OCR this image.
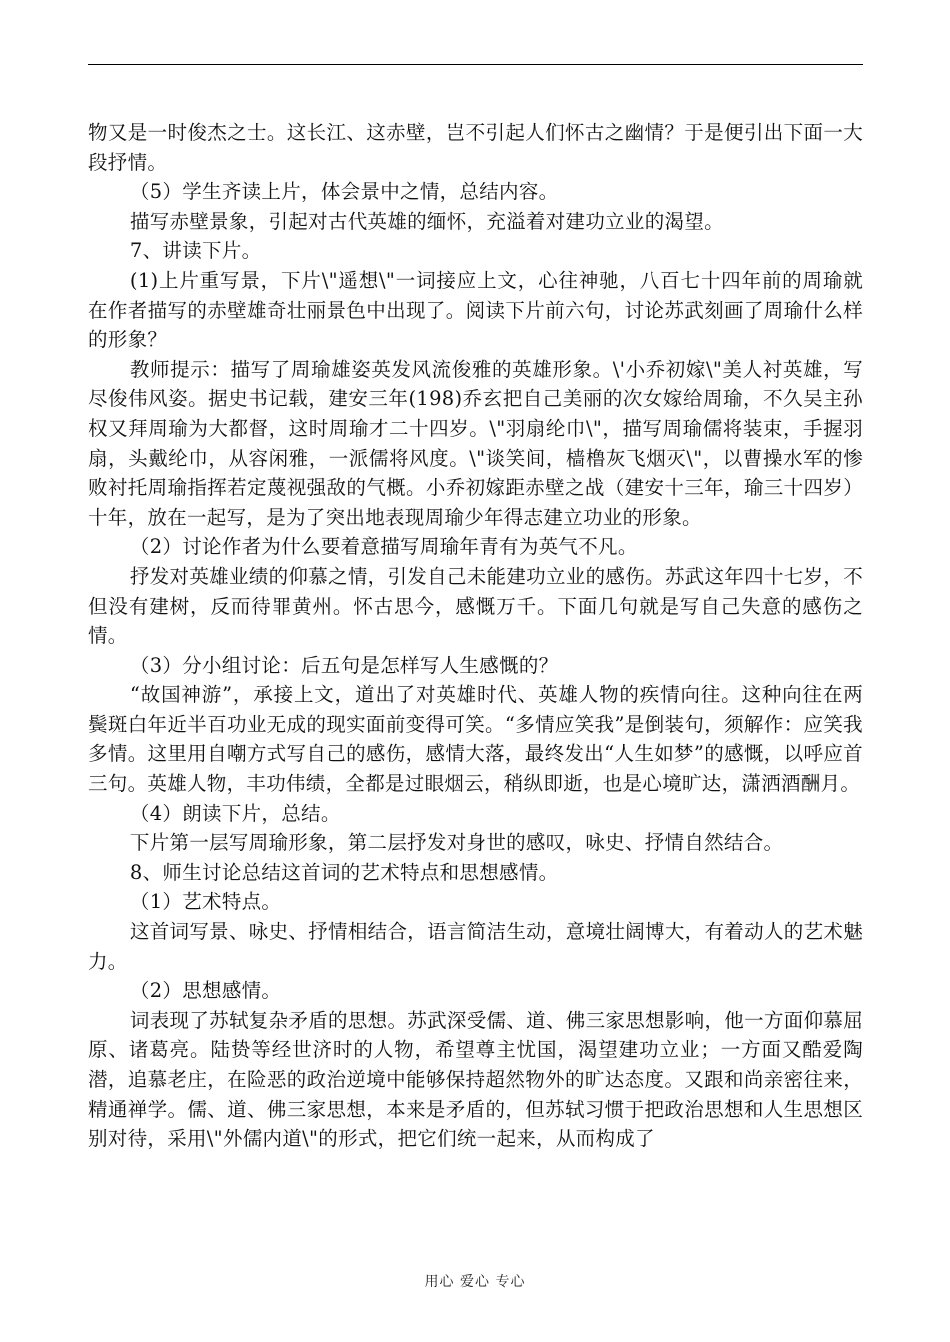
物又是一时俊杰之士。这长江、这赤壁，岂不引起人们怀古之幽情？于是便引出下面一大段抒情。

（5）学生齐读上片，体会景中之情，总结内容。

描写赤壁景象，引起对古代英雄的缅怀，充溢着对建功立业的渴望。

7、讲读下片。

(1)上片重写景，下片\"遥想\"一词接应上文，心往神驰，八百七十四年前的周瑜就在作者描写的赤壁雄奇壮丽景色中出现了。阅读下片前六句，讨论苏武刻画了周瑜什么样的形象？

教师提示：描写了周瑜雄姿英发风流俊雅的英雄形象。\'小乔初嫁\"美人衬英雄，写尽俊伟风姿。据史书记载，建安三年(198)乔玄把自己美丽的次女嫁给周瑜，不久吴主孙权又拜周瑜为大都督，这时周瑜才二十四岁。\"羽扇纶巾\"，描写周瑜儒将装束，手握羽扇，头戴纶巾，从容闲雅，一派儒将风度。\"谈笑间，樯橹灰飞烟灭\"，以曹操水军的惨败衬托周瑜指挥若定蔑视强敌的气概。小乔初嫁距赤壁之战（建安十三年，瑜三十四岁）十年，放在一起写，是为了突出地表现周瑜少年得志建立功业的形象。

（2）讨论作者为什么要着意描写周瑜年青有为英气不凡。

抒发对英雄业绩的仰慕之情，引发自己未能建功立业的感伤。苏武这年四十七岁，不但没有建树，反而待罪黄州。怀古思今，感慨万千。下面几句就是写自己失意的感伤之情。

（3）分小组讨论：后五句是怎样写人生感慨的？

“故国神游”，承接上文，道出了对英雄时代、英雄人物的疾情向往。这种向往在两鬓斑白年近半百功业无成的现实面前变得可笑。“多情应笑我”是倒装句，须解作：应笑我多情。这里用自嘲方式写自己的感伤，感情大落，最终发出“人生如梦”的感慨，以呼应首三句。英雄人物，丰功伟绩，全都是过眼烟云，稍纵即逝，也是心境旷达，潇洒酒酬月。

（4）朗读下片，总结。

下片第一层写周瑜形象，第二层抒发对身世的感叹，咏史、抒情自然结合。

8、师生讨论总结这首词的艺术特点和思想感情。

（1）艺术特点。

这首词写景、咏史、抒情相结合，语言简洁生动，意境壮阔博大，有着动人的艺术魅力。

（2）思想感情。

词表现了苏轼复杂矛盾的思想。苏武深受儒、道、佛三家思想影响，他一方面仰慕屈原、诸葛亮。陆贽等经世济时的人物，希望尊主忧国，渴望建功立业；一方面又酷爱陶潜，追慕老庄，在险恶的政治逆境中能够保持超然物外的旷达态度。又跟和尚亲密往来，精通禅学。儒、道、佛三家思想，本来是矛盾的，但苏轼习惯于把政治思想和人生思想区别对待，采用\"外儒内道\"的形式，把它们统一起来，从而构成了

用心 爱心 专心
